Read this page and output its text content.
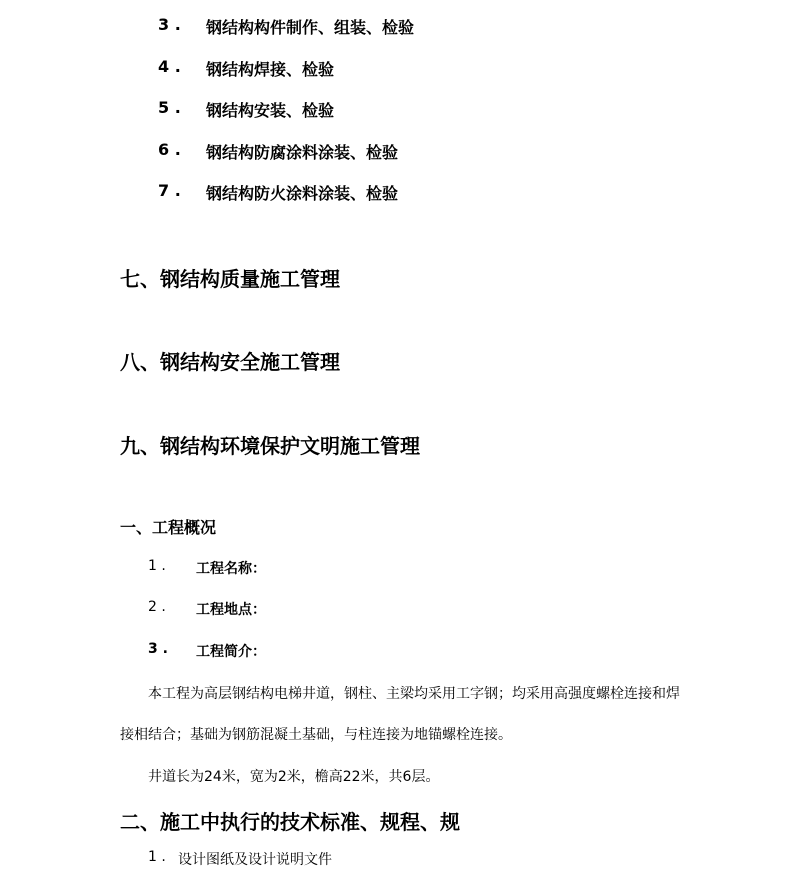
3 . 钢结构构件制作、组装、检验
4 . 钢结构焊接、检验
5 . 钢结构安装、检验
6 . 钢结构防腐涂料涂装、检验
7 . 钢结构防火涂料涂装、检验
七、钢结构质量施工管理
八、钢结构安全施工管理
九、钢结构环境保护文明施工管理
一、工程概况
1 . 工程名称：
2 . 工程地点：
3 . 工程简介：
本工程为高层钢结构电梯井道，钢柱、主梁均采用工字钢；均采用高强度螺栓连接和焊
接相结合；基础为钢筋混凝土基础，与柱连接为地锚螺栓连接。
井道长为24米，宽为2米，檐高22米，共6层。
二、施工中执行的技术标准、规程、规
1 . 设计图纸及设计说明文件
